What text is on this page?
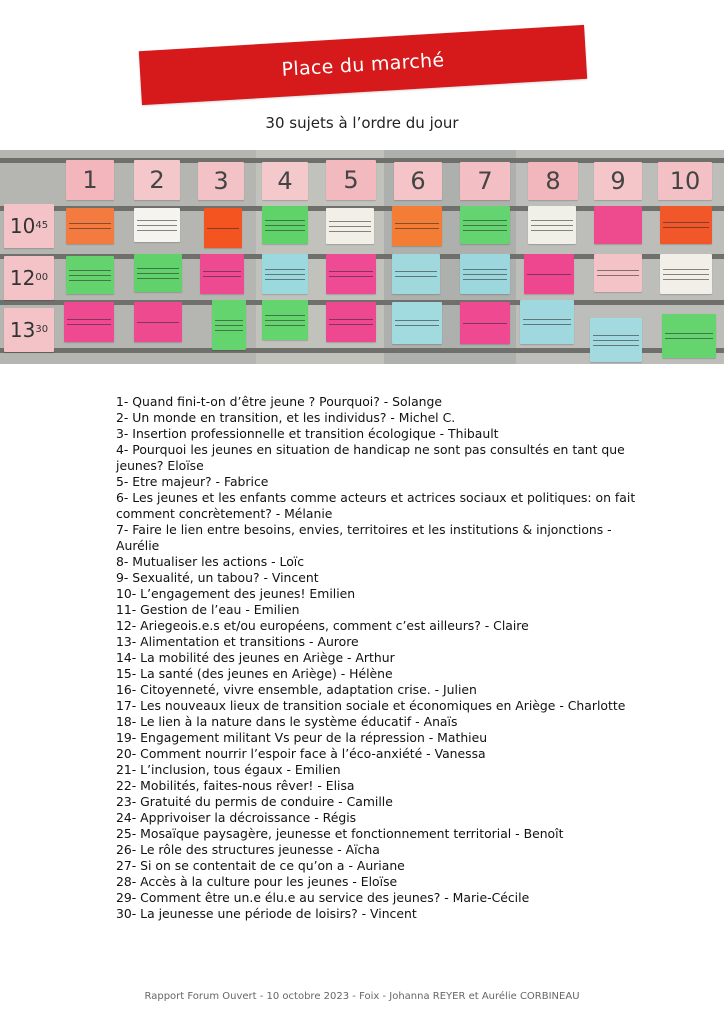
Place du marché
30 sujets à l’ordre du jour
1	2	3	4	5	6	7	8	9	10
10 45
12 00
13 30
1- Quand fini-t-on d’être jeune ? Pourquoi? - Solange
2- Un monde en transition, et les individus? - Michel C.
3- Insertion professionnelle et transition écologique - Thibault
4- Pourquoi les jeunes en situation de handicap ne sont pas consultés en tant que jeunes? Eloïse
5- Etre majeur? - Fabrice
6- Les jeunes et les enfants comme acteurs et actrices sociaux et politiques: on fait comment concrètement? - Mélanie
7- Faire le lien entre besoins, envies, territoires et les institutions & injonctions - Aurélie
8- Mutualiser les actions - Loïc
9- Sexualité, un tabou? - Vincent
10- L’engagement des jeunes! Emilien
11- Gestion de l’eau - Emilien
12- Ariegeois.e.s et/ou européens, comment c’est ailleurs? - Claire
13- Alimentation et transitions - Aurore
14- La mobilité des jeunes en Ariège - Arthur
15- La santé (des jeunes en Ariège) - Hélène
16- Citoyenneté, vivre ensemble, adaptation crise. - Julien
17- Les nouveaux lieux de transition sociale et économiques en Ariège - Charlotte
18- Le lien à la nature dans le système éducatif - Anaïs
19- Engagement militant Vs peur de la répression - Mathieu
20- Comment nourrir l’espoir face à l’éco-anxiété - Vanessa
21- L’inclusion, tous égaux - Emilien
22- Mobilités, faites-nous rêver! - Elisa
23- Gratuité du permis de conduire - Camille
24- Apprivoiser la décroissance - Régis
25- Mosaïque paysagère, jeunesse et fonctionnement territorial - Benoît
26- Le rôle des structures jeunesse - Aïcha
27- Si on se contentait de ce qu’on a - Auriane
28- Accès à la culture pour les jeunes - Eloïse
29- Comment être un.e élu.e au service des jeunes? - Marie-Cécile
30- La jeunesse une période de loisirs? - Vincent
Rapport Forum Ouvert - 10 octobre 2023 - Foix - Johanna REYER et Aurélie CORBINEAU
